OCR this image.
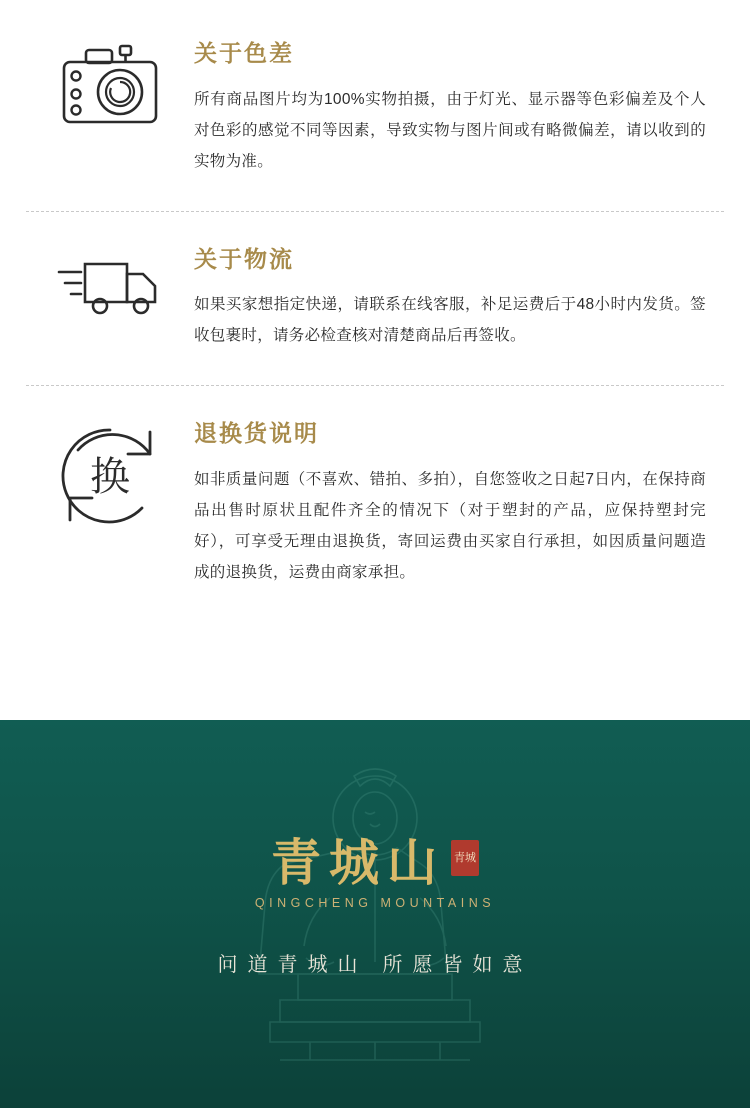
关于色差

所有商品图片均为100%实物拍摄，由于灯光、显示器等色彩偏差及个人对色彩的感觉不同等因素，导致实物与图片间或有略微偏差，请以收到的实物为准。

关于物流

如果买家想指定快递，请联系在线客服，补足运费后于48小时内发货。签收包裹时，请务必检查核对清楚商品后再签收。

换
退换货说明

如非质量问题（不喜欢、错拍、多拍），自您签收之日起7日内，在保持商品出售时原状且配件齐全的情况下（对于塑封的产品，应保持塑封完好），可享受无理由退换货，寄回运费由买家自行承担，如因质量问题造成的退换货，运费由商家承担。

青城山 青城
QINGCHENG MOUNTAINS
问道青城山 所愿皆如意
